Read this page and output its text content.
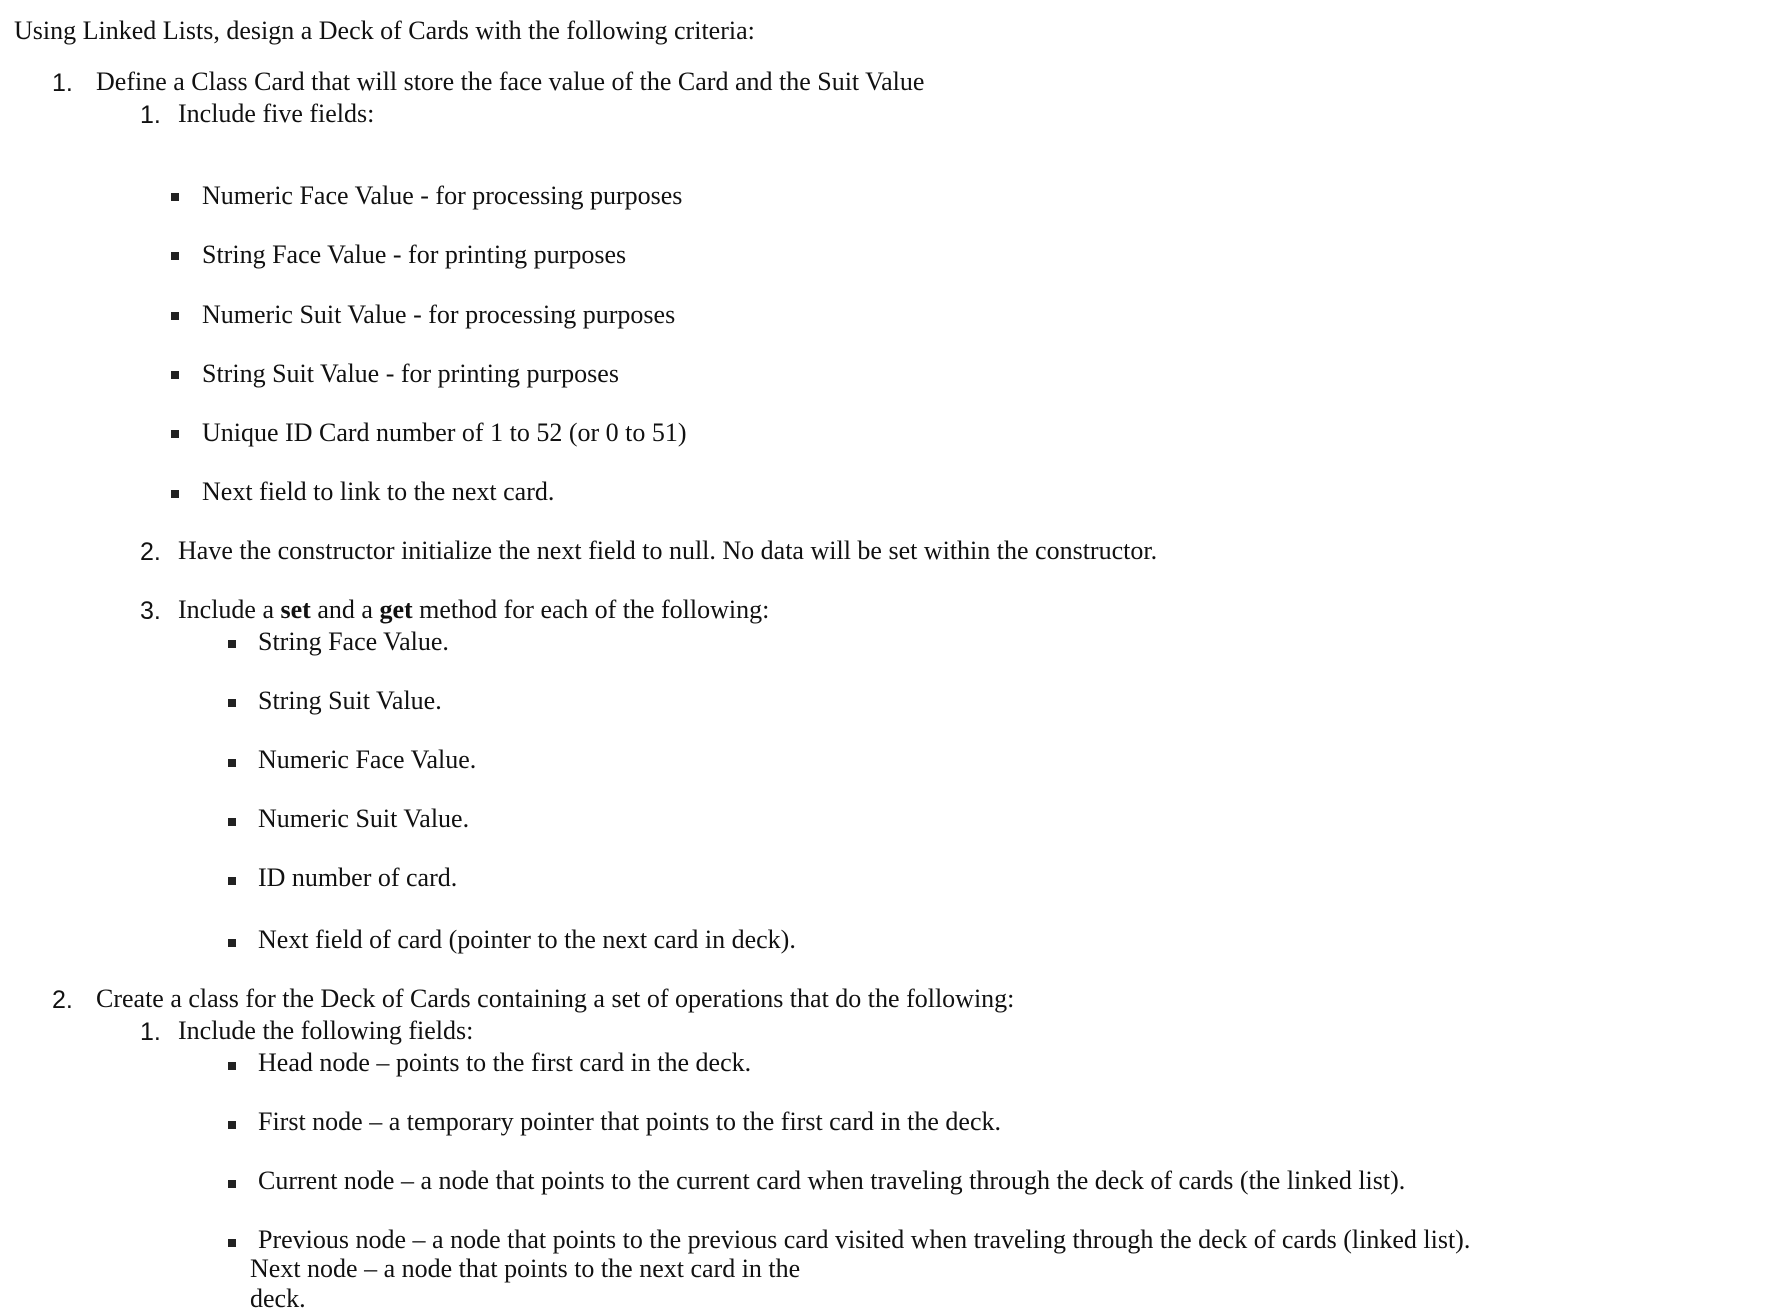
Using Linked Lists, design a Deck of Cards with the following criteria:
1. Define a Class Card that will store the face value of the Card and the Suit Value
1. Include five fields:
Numeric Face Value - for processing purposes
String Face Value - for printing purposes
Numeric Suit Value - for processing purposes
String Suit Value - for printing purposes
Unique ID Card number of 1 to 52 (or 0 to 51)
Next field to link to the next card.
2. Have the constructor initialize the next field to null. No data will be set within the constructor.
3. Include a set and a get method for each of the following:
String Face Value.
String Suit Value.
Numeric Face Value.
Numeric Suit Value.
ID number of card.
Next field of card (pointer to the next card in deck).
2. Create a class for the Deck of Cards containing a set of operations that do the following:
1. Include the following fields:
Head node – points to the first card in the deck.
First node – a temporary pointer that points to the first card in the deck.
Current node – a node that points to the current card when traveling through the deck of cards (the linked list).
Previous node – a node that points to the previous card visited when traveling through the deck of cards (linked list).
Next node – a node that points to the next card in the deck.
